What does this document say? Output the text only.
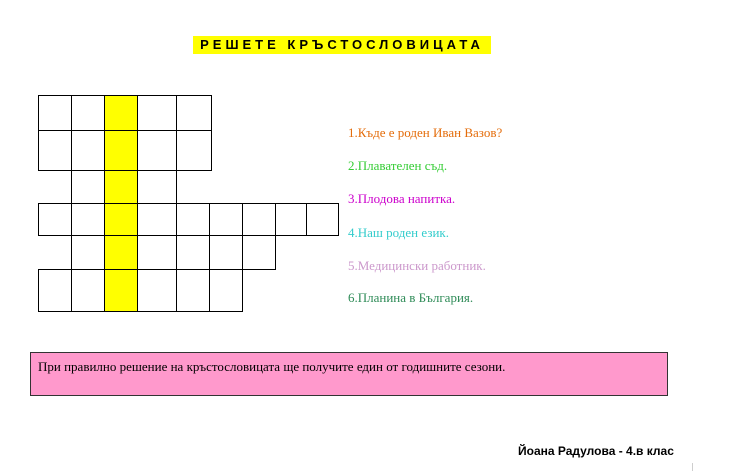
РЕШЕТЕ КРЪСТОСЛОВИЦАТА
1.Къде е роден Иван Вазов?
2.Плавателен съд.
3.Плодова напитка.
4.Наш роден език.
5.Медицински работник.
6.Планина в България.
При правилно решение на кръстословицата ще получите един от годишните сезони.
Йоана Радулова - 4.в клас
|
